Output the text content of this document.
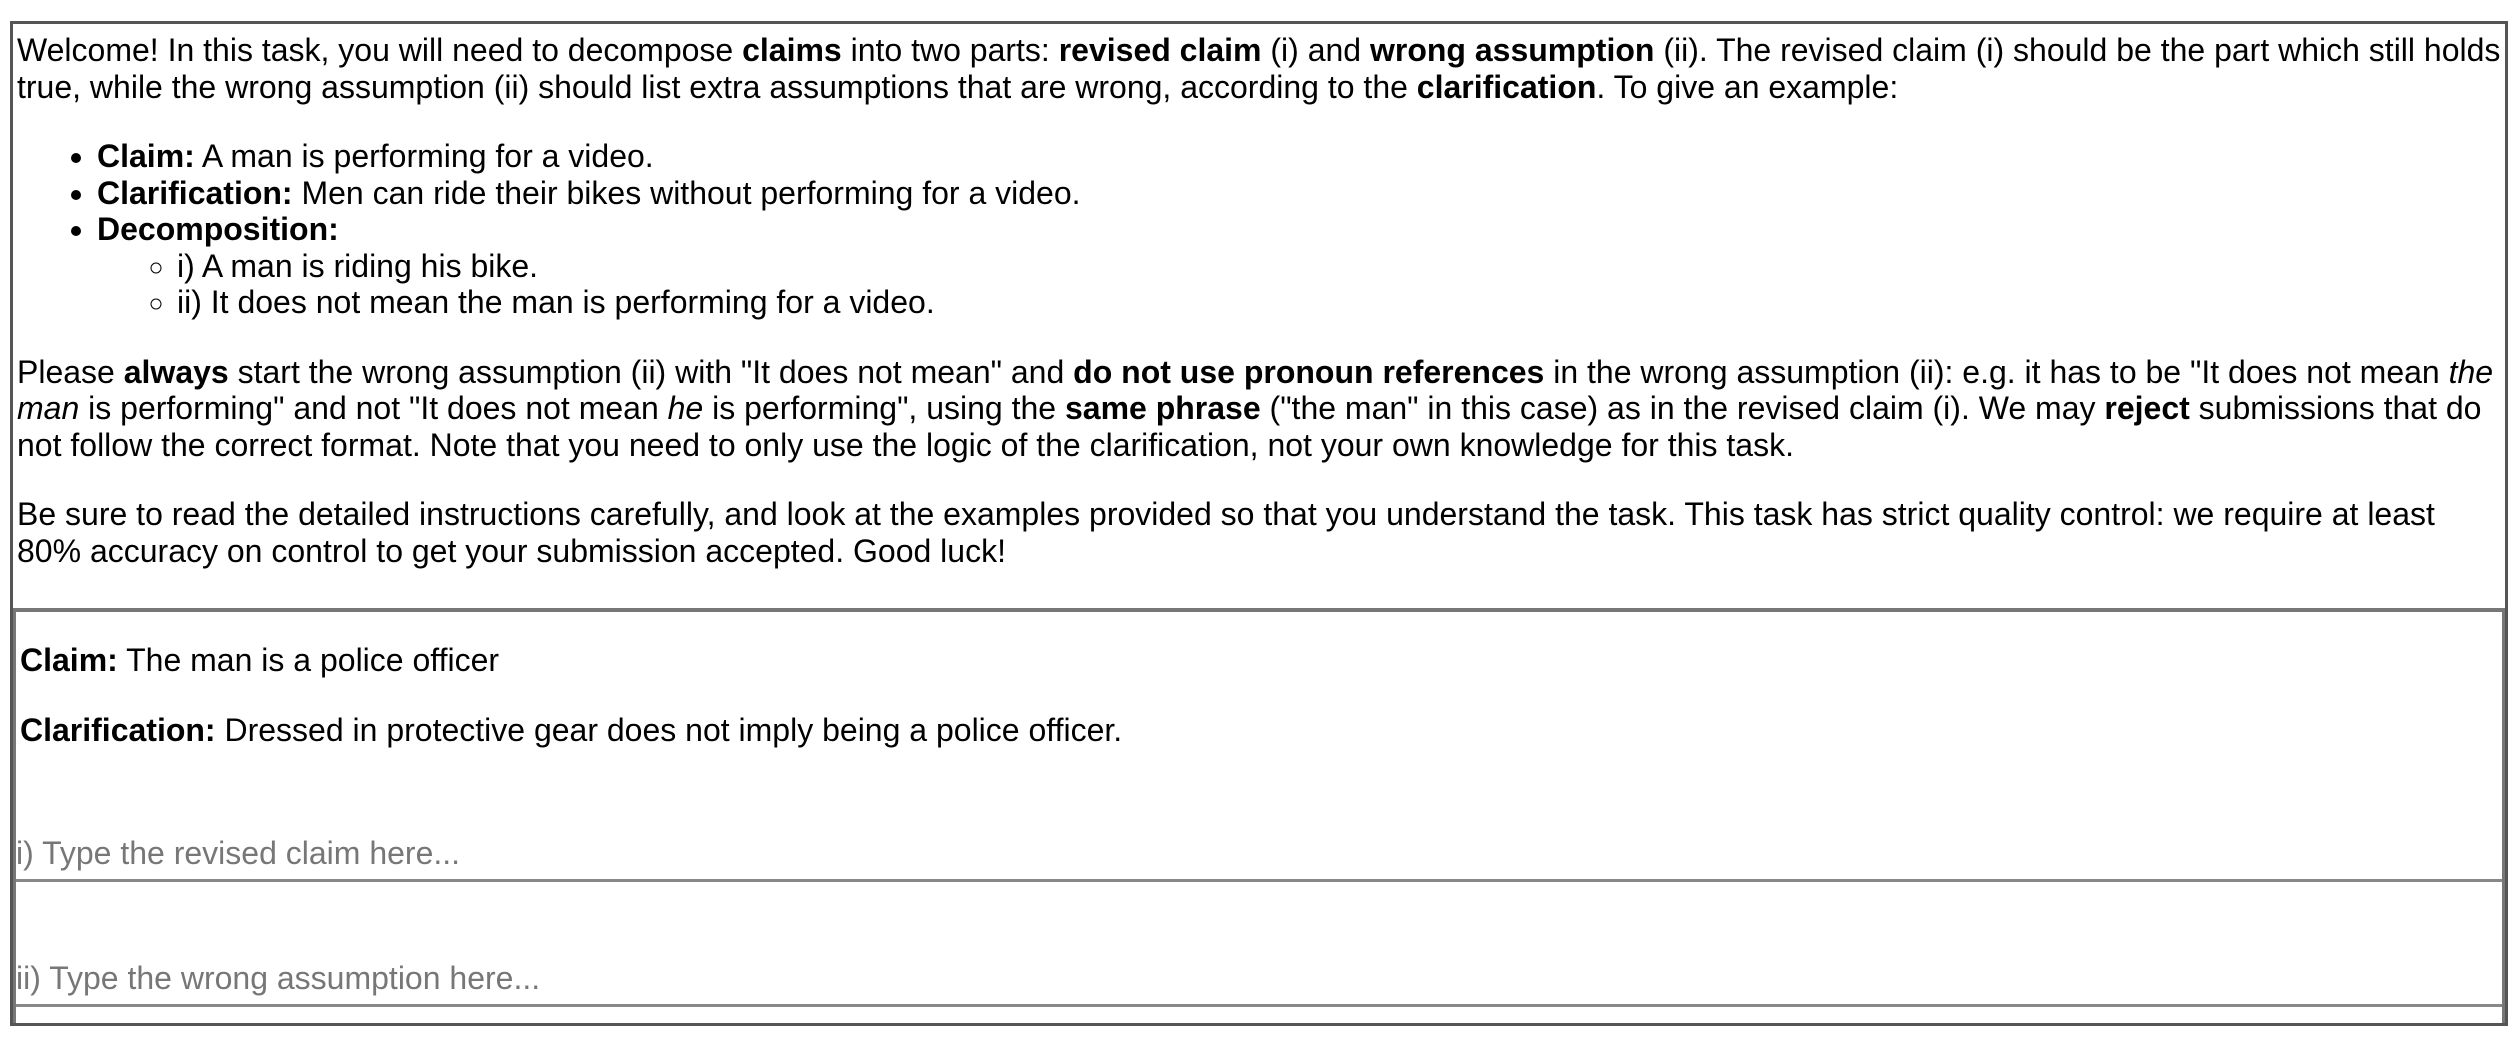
Welcome! In this task, you will need to decompose claims into two parts: revised claim (i) and wrong assumption (ii). The revised claim (i) should be the part which still holds true, while the wrong assumption (ii) should list extra assumptions that are wrong, according to the clarification. To give an example:

• Claim: A man is performing for a video.
• Clarification: Men can ride their bikes without performing for a video.
• Decomposition:
◦ i) A man is riding his bike.
◦ ii) It does not mean the man is performing for a video.

Please always start the wrong assumption (ii) with "It does not mean" and do not use pronoun references in the wrong assumption (ii): e.g. it has to be "It does not mean the man is performing" and not "It does not mean he is performing", using the same phrase ("the man" in this case) as in the revised claim (i). We may reject submissions that do not follow the correct format. Note that you need to only use the logic of the clarification, not your own knowledge for this task.

Be sure to read the detailed instructions carefully, and look at the examples provided so that you understand the task. This task has strict quality control: we require at least 80% accuracy on control to get your submission accepted. Good luck!

Claim: The man is a police officer

Clarification: Dressed in protective gear does not imply being a police officer.

i) Type the revised claim here...
ii) Type the wrong assumption here...
